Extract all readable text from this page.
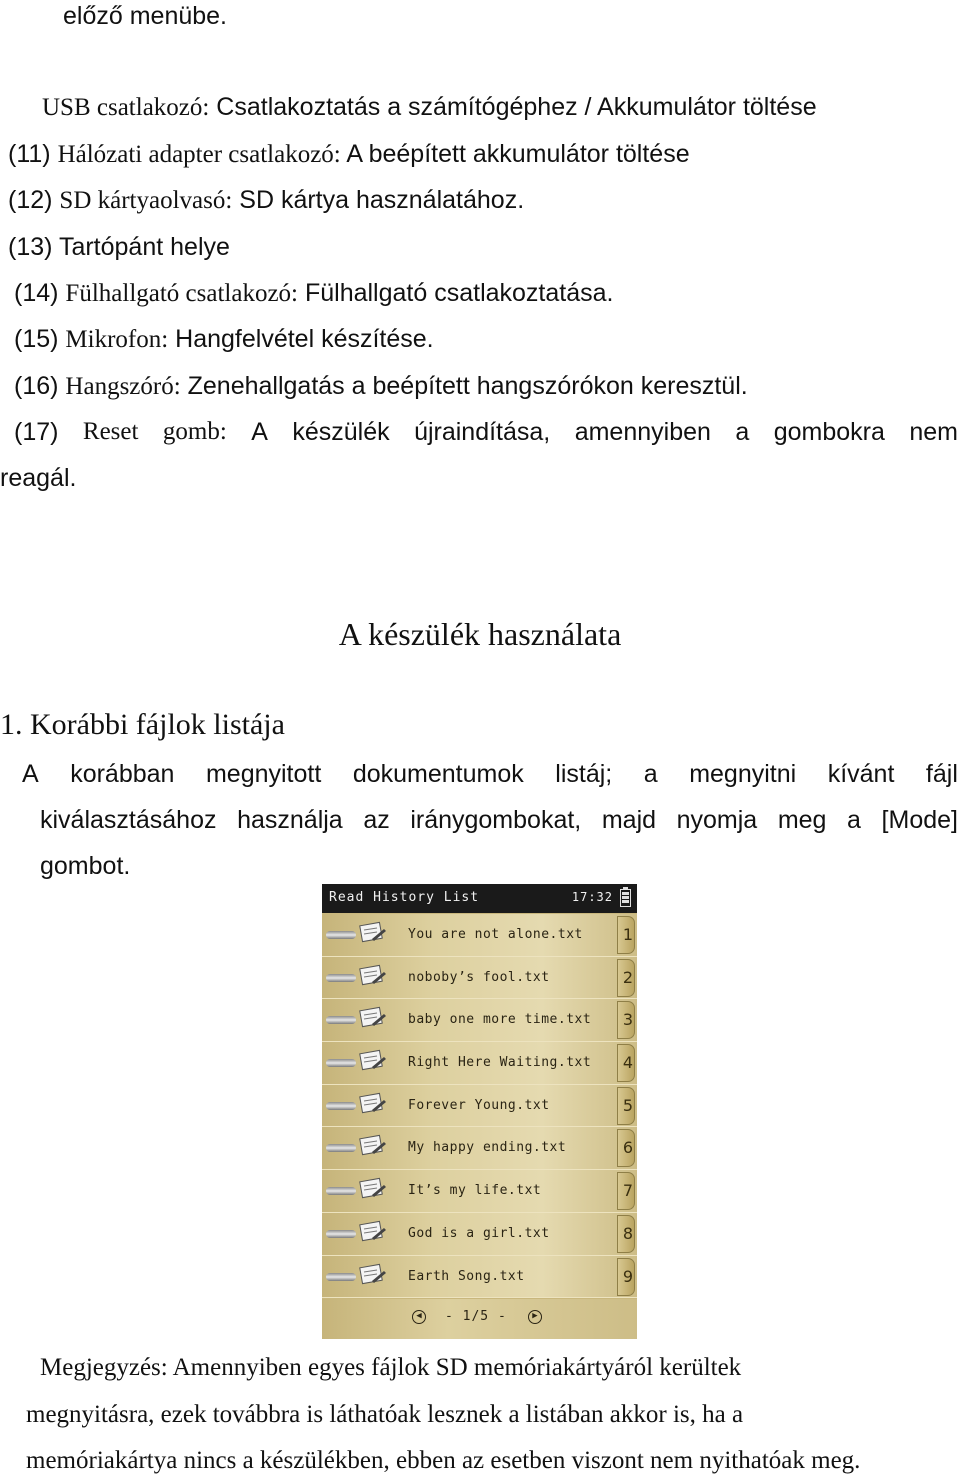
előző menübe.
USB csatlakozó: Csatlakoztatás a számítógéphez / Akkumulátor töltése
(11) Hálózati adapter csatlakozó: A beépített akkumulátor töltése
(12) SD kártyaolvasó: SD kártya használatához.
(13) Tartópánt helye
(14) Fülhallgató csatlakozó: Fülhallgató csatlakoztatása.
(15) Mikrofon: Hangfelvétel készítése.
(16) Hangszóró: Zenehallgatás a beépített hangszórókon keresztül.
(17) Reset gomb: A készülék újraindítása, amennyiben a gombokra nem
reagál.
A készülék használata
1. Korábbi fájlok listája
A korábban megnyitott dokumentumok listáj; a megnyitni kívánt fájl
kiválasztásához használja az iránygombokat, majd nyomja meg a [Mode]
gombot.
Read History List	17:32
You are not alone.txt 1
noboby’s fool.txt	2
baby one more time.txt 3
Right Here Waiting.txt 4
Forever Young.txt	5
My happy ending.txt	6
It’s my life.txt	7
God is a girl.txt	8
Earth Song.txt	9
◀	- 1/5 -	▶
Megjegyzés: Amennyiben egyes fájlok SD memóriakártyáról kerültek
megnyitásra, ezek továbbra is láthatóak lesznek a listában akkor is, ha a
memóriakártya nincs a készülékben, ebben az esetben viszont nem nyithatóak meg.
